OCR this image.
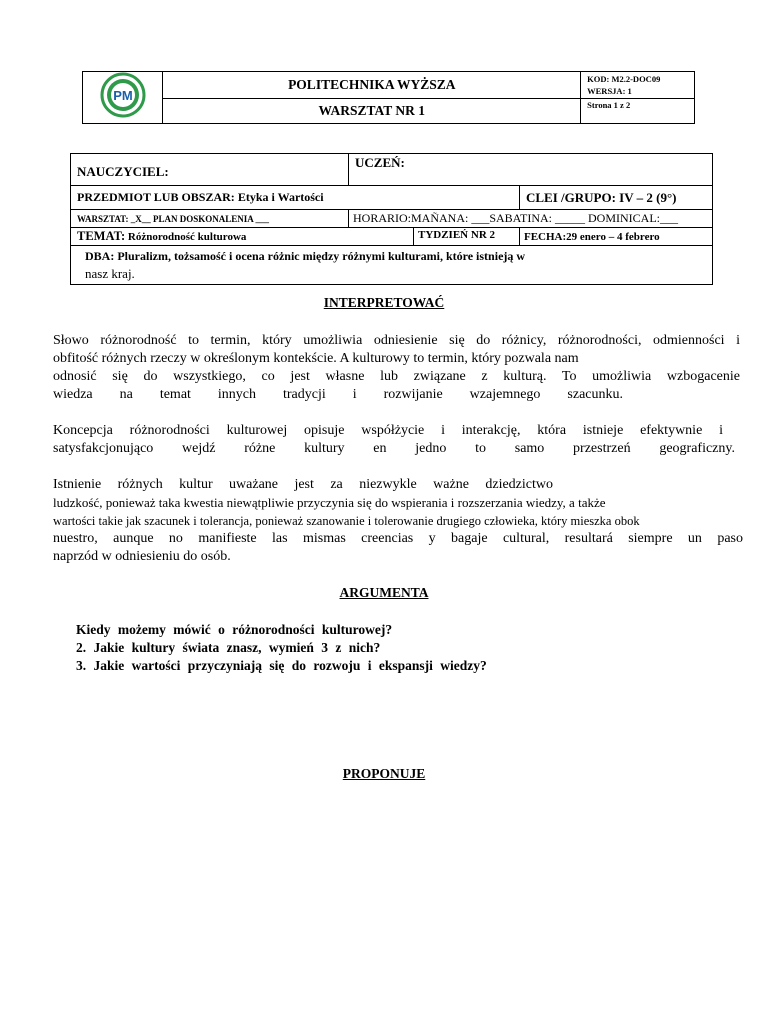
PM	POLITECHNIKA WYŻSZA	KOD: M2.2-DOC09
WERSJA: 1

	WARSZTAT NR 1	Strona 1 z 2
NAUCZYCIEL:	UCZEŃ:		
PRZEDMIOT LUB OBSZAR: Etyka i Wartości			CLEI /GRUPO: IV – 2 (9°)
WARSZTAT: _X__ PLAN DOSKONALENIA ___	HORARIO:MAÑANA: ___SABATINA: _____ DOMINICAL:___		
TEMAT: Różnorodność kulturowa		TYDZIEŃ NR 2	FECHA:29 enero – 4 febrero

DBA: Pluralizm, tożsamość i ocena różnic między różnymi kulturami, które istnieją w
nasz kraj.			
INTERPRETOWAĆ

Słowo różnorodność to termin, który umożliwia odniesienie się do różnicy, różnorodności, odmienności i

obfitość różnych rzeczy w określonym kontekście. A kulturowy to termin, który pozwala nam

odnosić się do wszystkiego, co jest własne lub związane z kulturą. To umożliwia wzbogacenie

wiedza na temat innych tradycji i rozwijanie wzajemnego szacunku.

Koncepcja różnorodności kulturowej opisuje współżycie i interakcję, która istnieje efektywnie i

satysfakcjonująco wejdź różne kultury en jedno to samo przestrzeń geograficzny.

Istnienie różnych kultur uważane jest za niezwykle ważne dziedzictwo

ludzkość, ponieważ taka kwestia niewątpliwie przyczynia się do wspierania i rozszerzania wiedzy, a także

wartości takie jak szacunek i tolerancja, ponieważ szanowanie i tolerowanie drugiego człowieka, który mieszka obok

nuestro, aunque no manifieste las mismas creencias y bagaje cultural, resultará siempre un paso

naprzód w odniesieniu do osób.

ARGUMENTA
Kiedy możemy mówić o różnorodności kulturowej?
2. Jakie kultury świata znasz, wymień 3 z nich?
3. Jakie wartości przyczyniają się do rozwoju i ekspansji wiedzy?
PROPONUJE
